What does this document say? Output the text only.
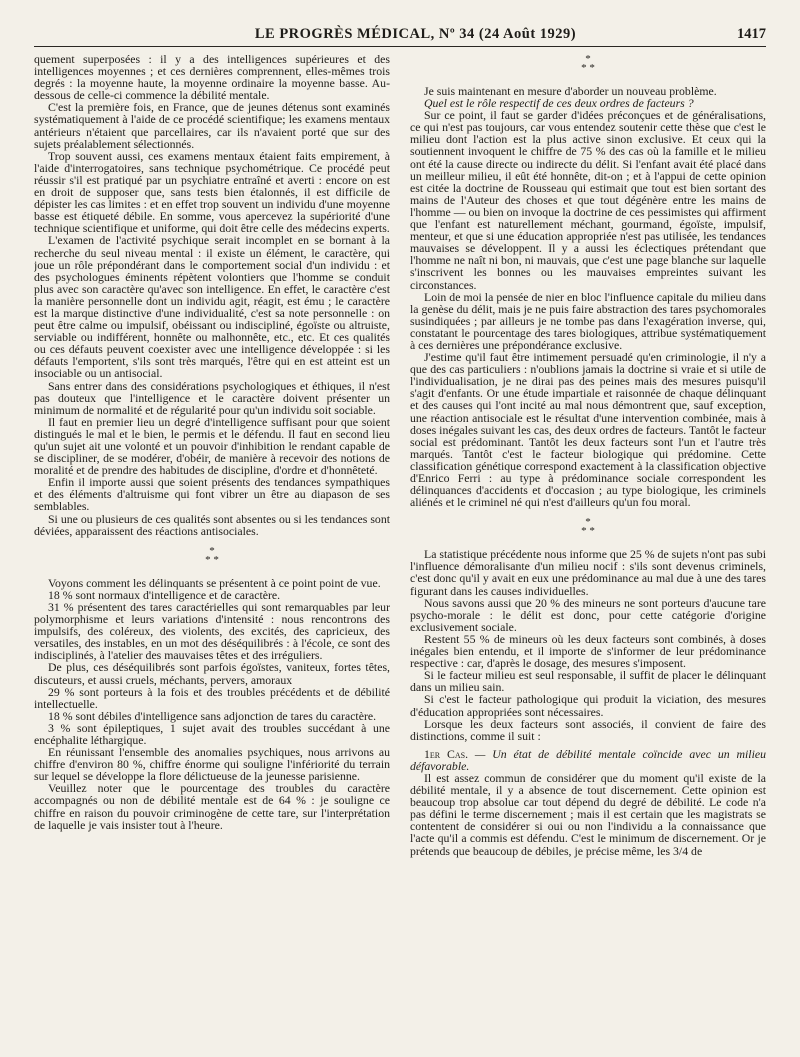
LE PROGRÈS MÉDICAL, Nº 34 (24 Août 1929)	1417

quement superposées : il y a des intelligences supérieures et des intelligences moyennes ; et ces dernières comprennent, elles-mêmes trois degrés : la moyenne haute, la moyenne ordinaire la moyenne basse. Au-dessous de celle-ci commence la débilité mentale.

C'est la première fois, en France, que de jeunes détenus sont examinés systématiquement à l'aide de ce procédé scientifique; les examens mentaux antérieurs n'étaient que parcellaires, car ils n'avaient porté que sur des sujets préalablement sélectionnés.

Trop souvent aussi, ces examens mentaux étaient faits empirement, à l'aide d'interrogatoires, sans technique psychométrique. Ce procédé peut réussir s'il est pratiqué par un psychiatre entraîné et averti : encore on est en droit de supposer que, sans tests bien étalonnés, il est difficile de dépister les cas limites : et en effet trop souvent un individu d'une moyenne basse est étiqueté débile. En somme, vous apercevez la supériorité d'une technique scientifique et uniforme, qui doit être celle des médecins experts.

L'examen de l'activité psychique serait incomplet en se bornant à la recherche du seul niveau mental : il existe un élément, le caractère, qui joue un rôle prépondérant dans le comportement social d'un individu : et des psychologues éminents répètent volontiers que l'homme se conduit plus avec son caractère qu'avec son intelligence. En effet, le caractère c'est la manière personnelle dont un individu agit, réagit, est ému ; le caractère est la marque distinctive d'une individualité, c'est sa note personnelle : on peut être calme ou impulsif, obéissant ou indiscipliné, égoïste ou altruiste, serviable ou indifférent, honnête ou malhonnête, etc., etc. Et ces qualités ou ces défauts peuvent coexister avec une intelligence développée : si les défauts l'emportent, s'ils sont très marqués, l'être qui en est atteint est un insociable ou un antisocial.

Sans entrer dans des considérations psychologiques et éthiques, il n'est pas douteux que l'intelligence et le caractère doivent présenter un minimum de normalité et de régularité pour qu'un individu soit sociable.

Il faut en premier lieu un degré d'intelligence suffisant pour que soient distingués le mal et le bien, le permis et le défendu. Il faut en second lieu qu'un sujet ait une volonté et un pouvoir d'inhibition le rendant capable de se discipliner, de se modérer, d'obéir, de manière à recevoir des notions de moralité et de prendre des habitudes de discipline, d'ordre et d'honnêteté.

Enfin il importe aussi que soient présents des tendances sympathiques et des éléments d'altruisme qui font vibrer un être au diapason de ses semblables.

Si une ou plusieurs de ces qualités sont absentes ou si les tendances sont déviées, apparaissent des réactions antisociales.

*
* *

Voyons comment les délinquants se présentent à ce point point de vue.

18 % sont normaux d'intelligence et de caractère.

31 % présentent des tares caractérielles qui sont remarquables par leur polymorphisme et leurs variations d'intensité : nous rencontrons des impulsifs, des coléreux, des violents, des excités, des capricieux, des versatiles, des instables, en un mot des déséquilibrés : à l'école, ce sont des indisciplinés, à l'atelier des mauvaises têtes et des irréguliers.

De plus, ces déséquilibrés sont parfois égoïstes, vaniteux, fortes têtes, discuteurs, et aussi cruels, méchants, pervers, amoraux

29 % sont porteurs à la fois et des troubles précédents et de débilité intellectuelle.

18 % sont débiles d'intelligence sans adjonction de tares du caractère.

3 % sont épileptiques, 1 sujet avait des troubles succédant à une encéphalite léthargique.

En réunissant l'ensemble des anomalies psychiques, nous arrivons au chiffre d'environ 80 %, chiffre énorme qui souligne l'infériorité du terrain sur lequel se développe la flore délictueuse de la jeunesse parisienne.

Veuillez noter que le pourcentage des troubles du caractère accompagnés ou non de débilité mentale est de 64 % : je souligne ce chiffre en raison du pouvoir criminogène de cette tare, sur l'interprétation de laquelle je vais insister tout à l'heure.

*
* *

Je suis maintenant en mesure d'aborder un nouveau problème.

Quel est le rôle respectif de ces deux ordres de facteurs ?

Sur ce point, il faut se garder d'idées préconçues et de généralisations, ce qui n'est pas toujours, car vous entendez soutenir cette thèse que c'est le milieu dont l'action est la plus active sinon exclusive. Et ceux qui la soutiennent invoquent le chiffre de 75 % des cas où la famille et le milieu ont été la cause directe ou indirecte du délit. Si l'enfant avait été placé dans un meilleur milieu, il eût été honnête, dit-on ; et à l'appui de cette opinion est citée la doctrine de Rousseau qui estimait que tout est bien sortant des mains de l'Auteur des choses et que tout dégénère entre les mains de l'homme — ou bien on invoque la doctrine de ces pessimistes qui affirment que l'enfant est naturellement méchant, gourmand, égoïste, impulsif, menteur, et que si une éducation appropriée n'est pas utilisée, les tendances mauvaises se développent. Il y a aussi les éclectiques prétendant que l'homme ne naît ni bon, ni mauvais, que c'est une page blanche sur laquelle s'inscrivent les bonnes ou les mauvaises empreintes suivant les circonstances.

Loin de moi la pensée de nier en bloc l'influence capitale du milieu dans la genèse du délit, mais je ne puis faire abstraction des tares psychomorales susindiquées ; par ailleurs je ne tombe pas dans l'exagération inverse, qui, constatant le pourcentage des tares biologiques, attribue systématiquement à ces dernières une prépondérance exclusive.

J'estime qu'il faut être intimement persuadé qu'en criminologie, il n'y a que des cas particuliers : n'oublions jamais la doctrine si vraie et si utile de l'individualisation, je ne dirai pas des peines mais des mesures puisqu'il s'agit d'enfants. Or une étude impartiale et raisonnée de chaque délinquant et des causes qui l'ont incité au mal nous démontrent que, sauf exception, une réaction antisociale est le résultat d'une intervention combinée, mais à doses inégales suivant les cas, des deux ordres de facteurs. Tantôt le facteur social est prédominant. Tantôt les deux facteurs sont l'un et l'autre très marqués. Tantôt c'est le facteur biologique qui prédomine. Cette classification génétique correspond exactement à la classification objective d'Enrico Ferri : au type à prédominance sociale correspondent les délinquances d'accidents et d'occasion ; au type biologique, les criminels aliénés et le criminel né qui n'est d'ailleurs qu'un fou moral.

*
* *

La statistique précédente nous informe que 25 % de sujets n'ont pas subi l'influence démoralisante d'un milieu nocif : s'ils sont devenus criminels, c'est donc qu'il y avait en eux une prédominance au mal due à une des tares figurant dans les causes individuelles.

Nous savons aussi que 20 % des mineurs ne sont porteurs d'aucune tare psycho-morale : le délit est donc, pour cette catégorie d'origine exclusivement sociale.

Restent 55 % de mineurs où les deux facteurs sont combinés, à doses inégales bien entendu, et il importe de s'informer de leur prédominance respective : car, d'après le dosage, des mesures s'imposent.

Si le facteur milieu est seul responsable, il suffit de placer le délinquant dans un milieu sain.

Si c'est le facteur pathologique qui produit la viciation, des mesures d'éducation appropriées sont nécessaires.

Lorsque les deux facteurs sont associés, il convient de faire des distinctions, comme il suit :

1er Cas. — Un état de débilité mentale coïncide avec un milieu défavorable.

Il est assez commun de considérer que du moment qu'il existe de la débilité mentale, il y a absence de tout discernement. Cette opinion est beaucoup trop absolue car tout dépend du degré de débilité. Le code n'a pas défini le terme discernement ; mais il est certain que les magistrats se contentent de considérer si oui ou non l'individu a la connaissance que l'acte qu'il a commis est défendu. C'est le minimum de discernement. Or je prétends que beaucoup de débiles, je précise même, les 3/4 de
